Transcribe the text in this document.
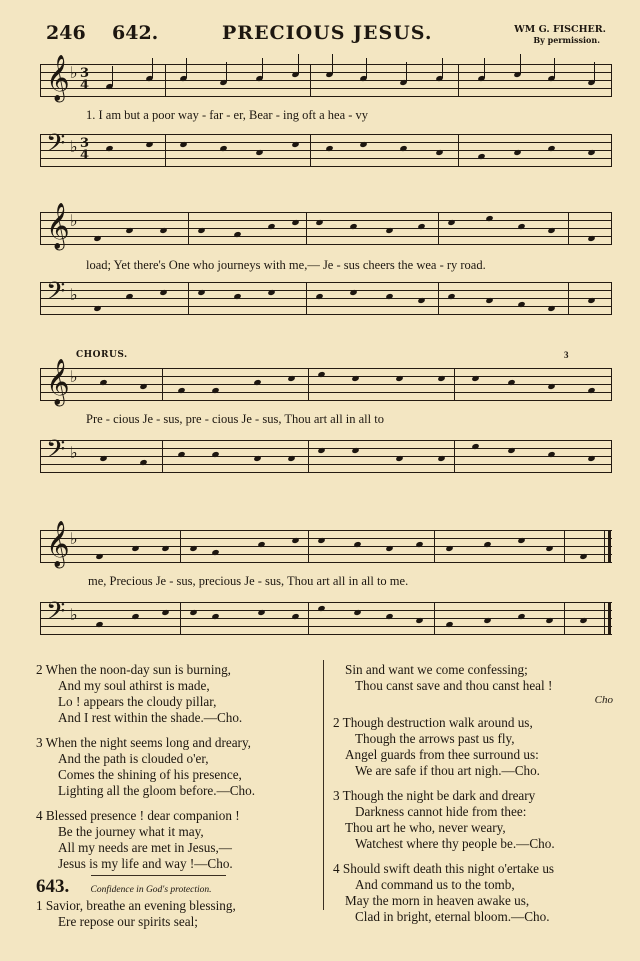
246 642.	PRECIOUS JESUS.	WM G. FISCHER.
By permission.
𝄞 ♭ 3
4
1. I am but a poor way - far - er, Bear - ing oft a hea - vy
𝄢 ♭ 3
4
𝄞 ♭
load; Yet there's One who journeys with me,— Je - sus cheers the wea - ry road.
𝄢 ♭
CHORUS.
𝄞 ♭
Pre - cious Je - sus, pre - cious Je - sus, Thou art all in all to
3
𝄢 ♭
𝄞 ♭
me, Precious Je - sus, precious Je - sus, Thou art all in all to me.
𝄢 ♭
2 When the noon-day sun is burning,
And my soul athirst is made,
Lo ! appears the cloudy pillar,
And I rest within the shade.—Cho.
3 When the night seems long and dreary,
And the path is clouded o'er,
Comes the shining of his presence,
Lighting all the gloom before.—Cho.
4 Blessed presence ! dear companion !
Be the journey what it may,
All my needs are met in Jesus,—
Jesus is my life and way !—Cho.
643. Confidence in God's protection.
1 Savior, breathe an evening blessing,
Ere repose our spirits seal;
Sin and want we come confessing;
Thou canst save and thou canst heal !
Cho
2 Though destruction walk around us,
Though the arrows past us fly,
Angel guards from thee surround us:
We are safe if thou art nigh.—Cho.
3 Though the night be dark and dreary
Darkness cannot hide from thee:
Thou art he who, never weary,
Watchest where thy people be.—Cho.
4 Should swift death this night o'ertake us
And command us to the tomb,
May the morn in heaven awake us,
Clad in bright, eternal bloom.—Cho.
